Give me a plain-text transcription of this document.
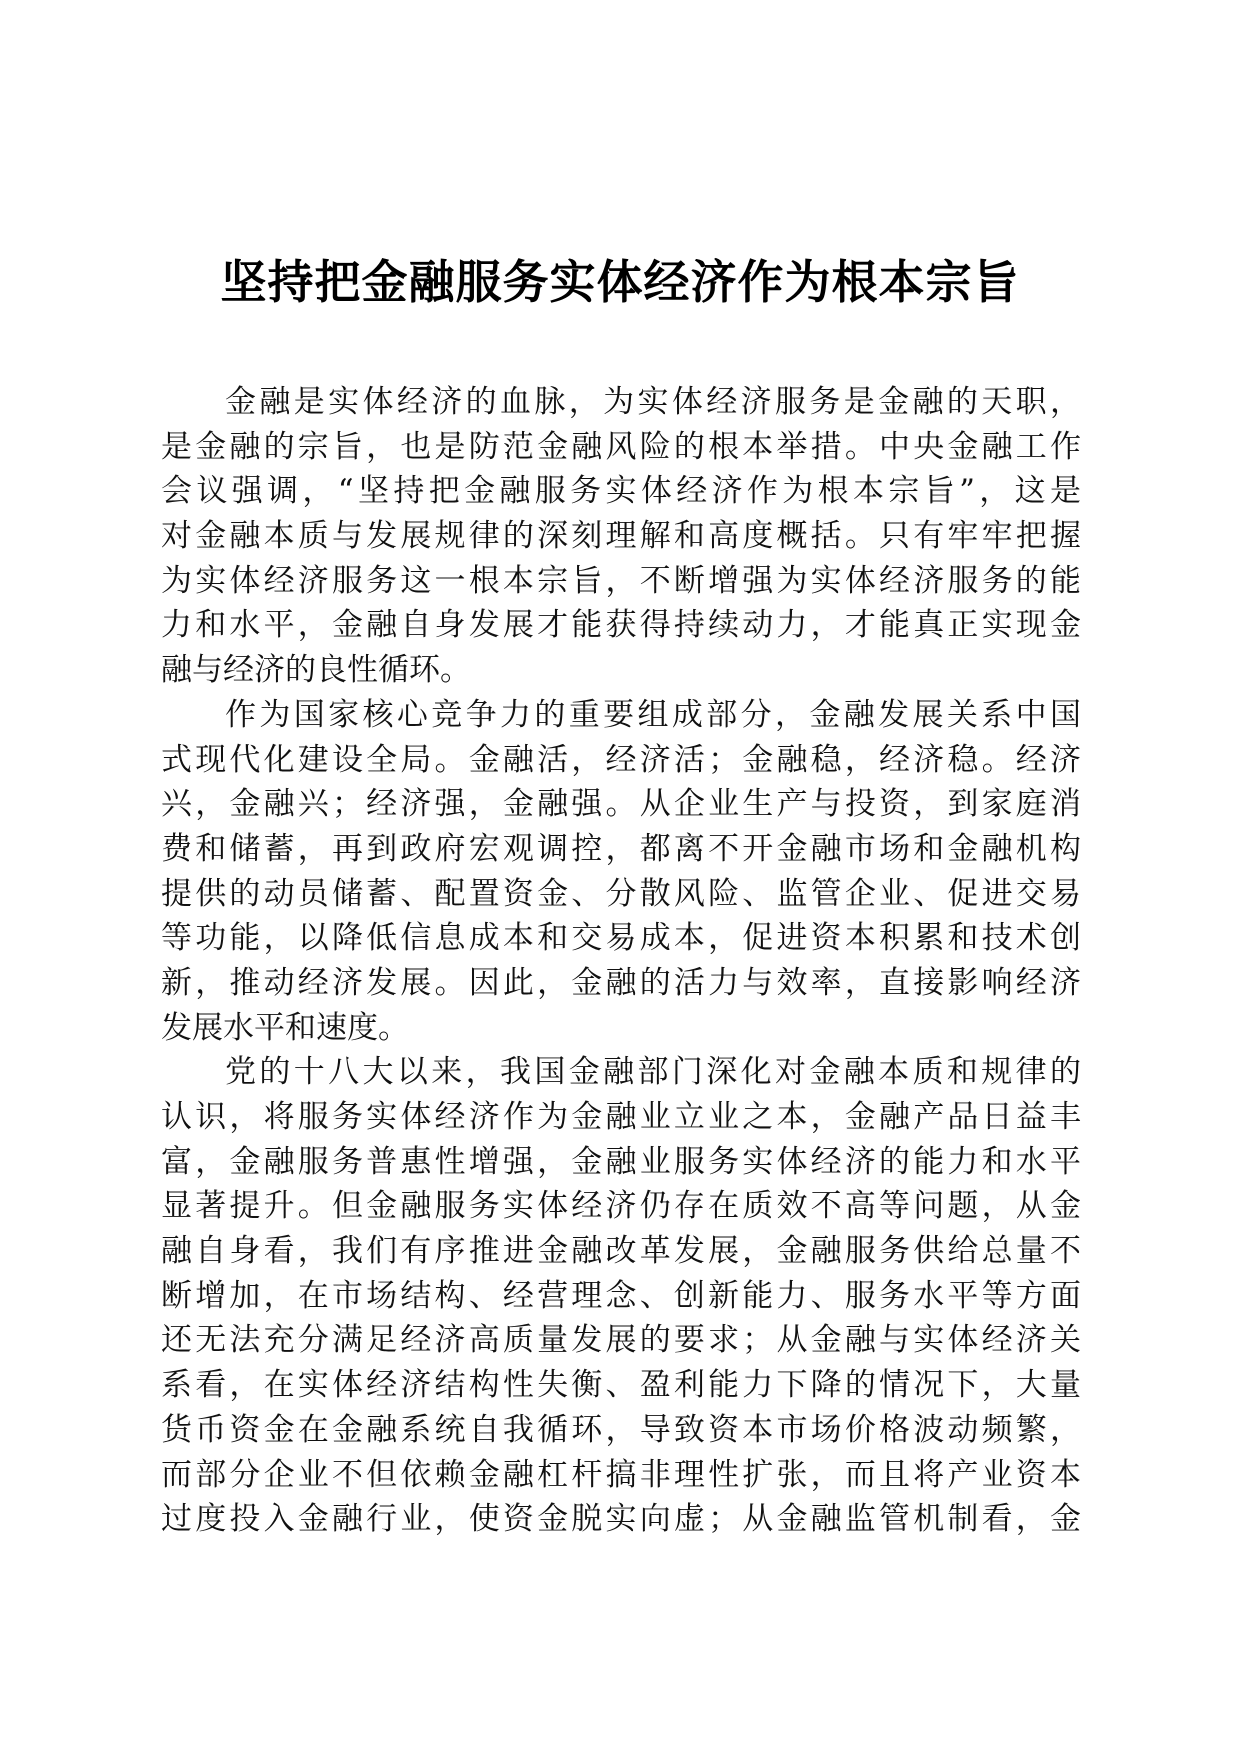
坚持把金融服务实体经济作为根本宗旨
金融是实体经济的血脉，为实体经济服务是金融的天职，
是金融的宗旨，也是防范金融风险的根本举措。中央金融工作
会议强调，“坚持把金融服务实体经济作为根本宗旨”，这是
对金融本质与发展规律的深刻理解和高度概括。只有牢牢把握
为实体经济服务这一根本宗旨，不断增强为实体经济服务的能
力和水平，金融自身发展才能获得持续动力，才能真正实现金
融与经济的良性循环。
作为国家核心竞争力的重要组成部分，金融发展关系中国
式现代化建设全局。金融活，经济活；金融稳，经济稳。经济
兴，金融兴；经济强，金融强。从企业生产与投资，到家庭消
费和储蓄，再到政府宏观调控，都离不开金融市场和金融机构
提供的动员储蓄、配置资金、分散风险、监管企业、促进交易
等功能，以降低信息成本和交易成本，促进资本积累和技术创
新，推动经济发展。因此，金融的活力与效率，直接影响经济
发展水平和速度。
党的十八大以来，我国金融部门深化对金融本质和规律的
认识，将服务实体经济作为金融业立业之本，金融产品日益丰
富，金融服务普惠性增强，金融业服务实体经济的能力和水平
显著提升。但金融服务实体经济仍存在质效不高等问题，从金
融自身看，我们有序推进金融改革发展，金融服务供给总量不
断增加，在市场结构、经营理念、创新能力、服务水平等方面
还无法充分满足经济高质量发展的要求；从金融与实体经济关
系看，在实体经济结构性失衡、盈利能力下降的情况下，大量
货币资金在金融系统自我循环，导致资本市场价格波动频繁，
而部分企业不但依赖金融杠杆搞非理性扩张，而且将产业资本
过度投入金融行业，使资金脱实向虚；从金融监管机制看，金
